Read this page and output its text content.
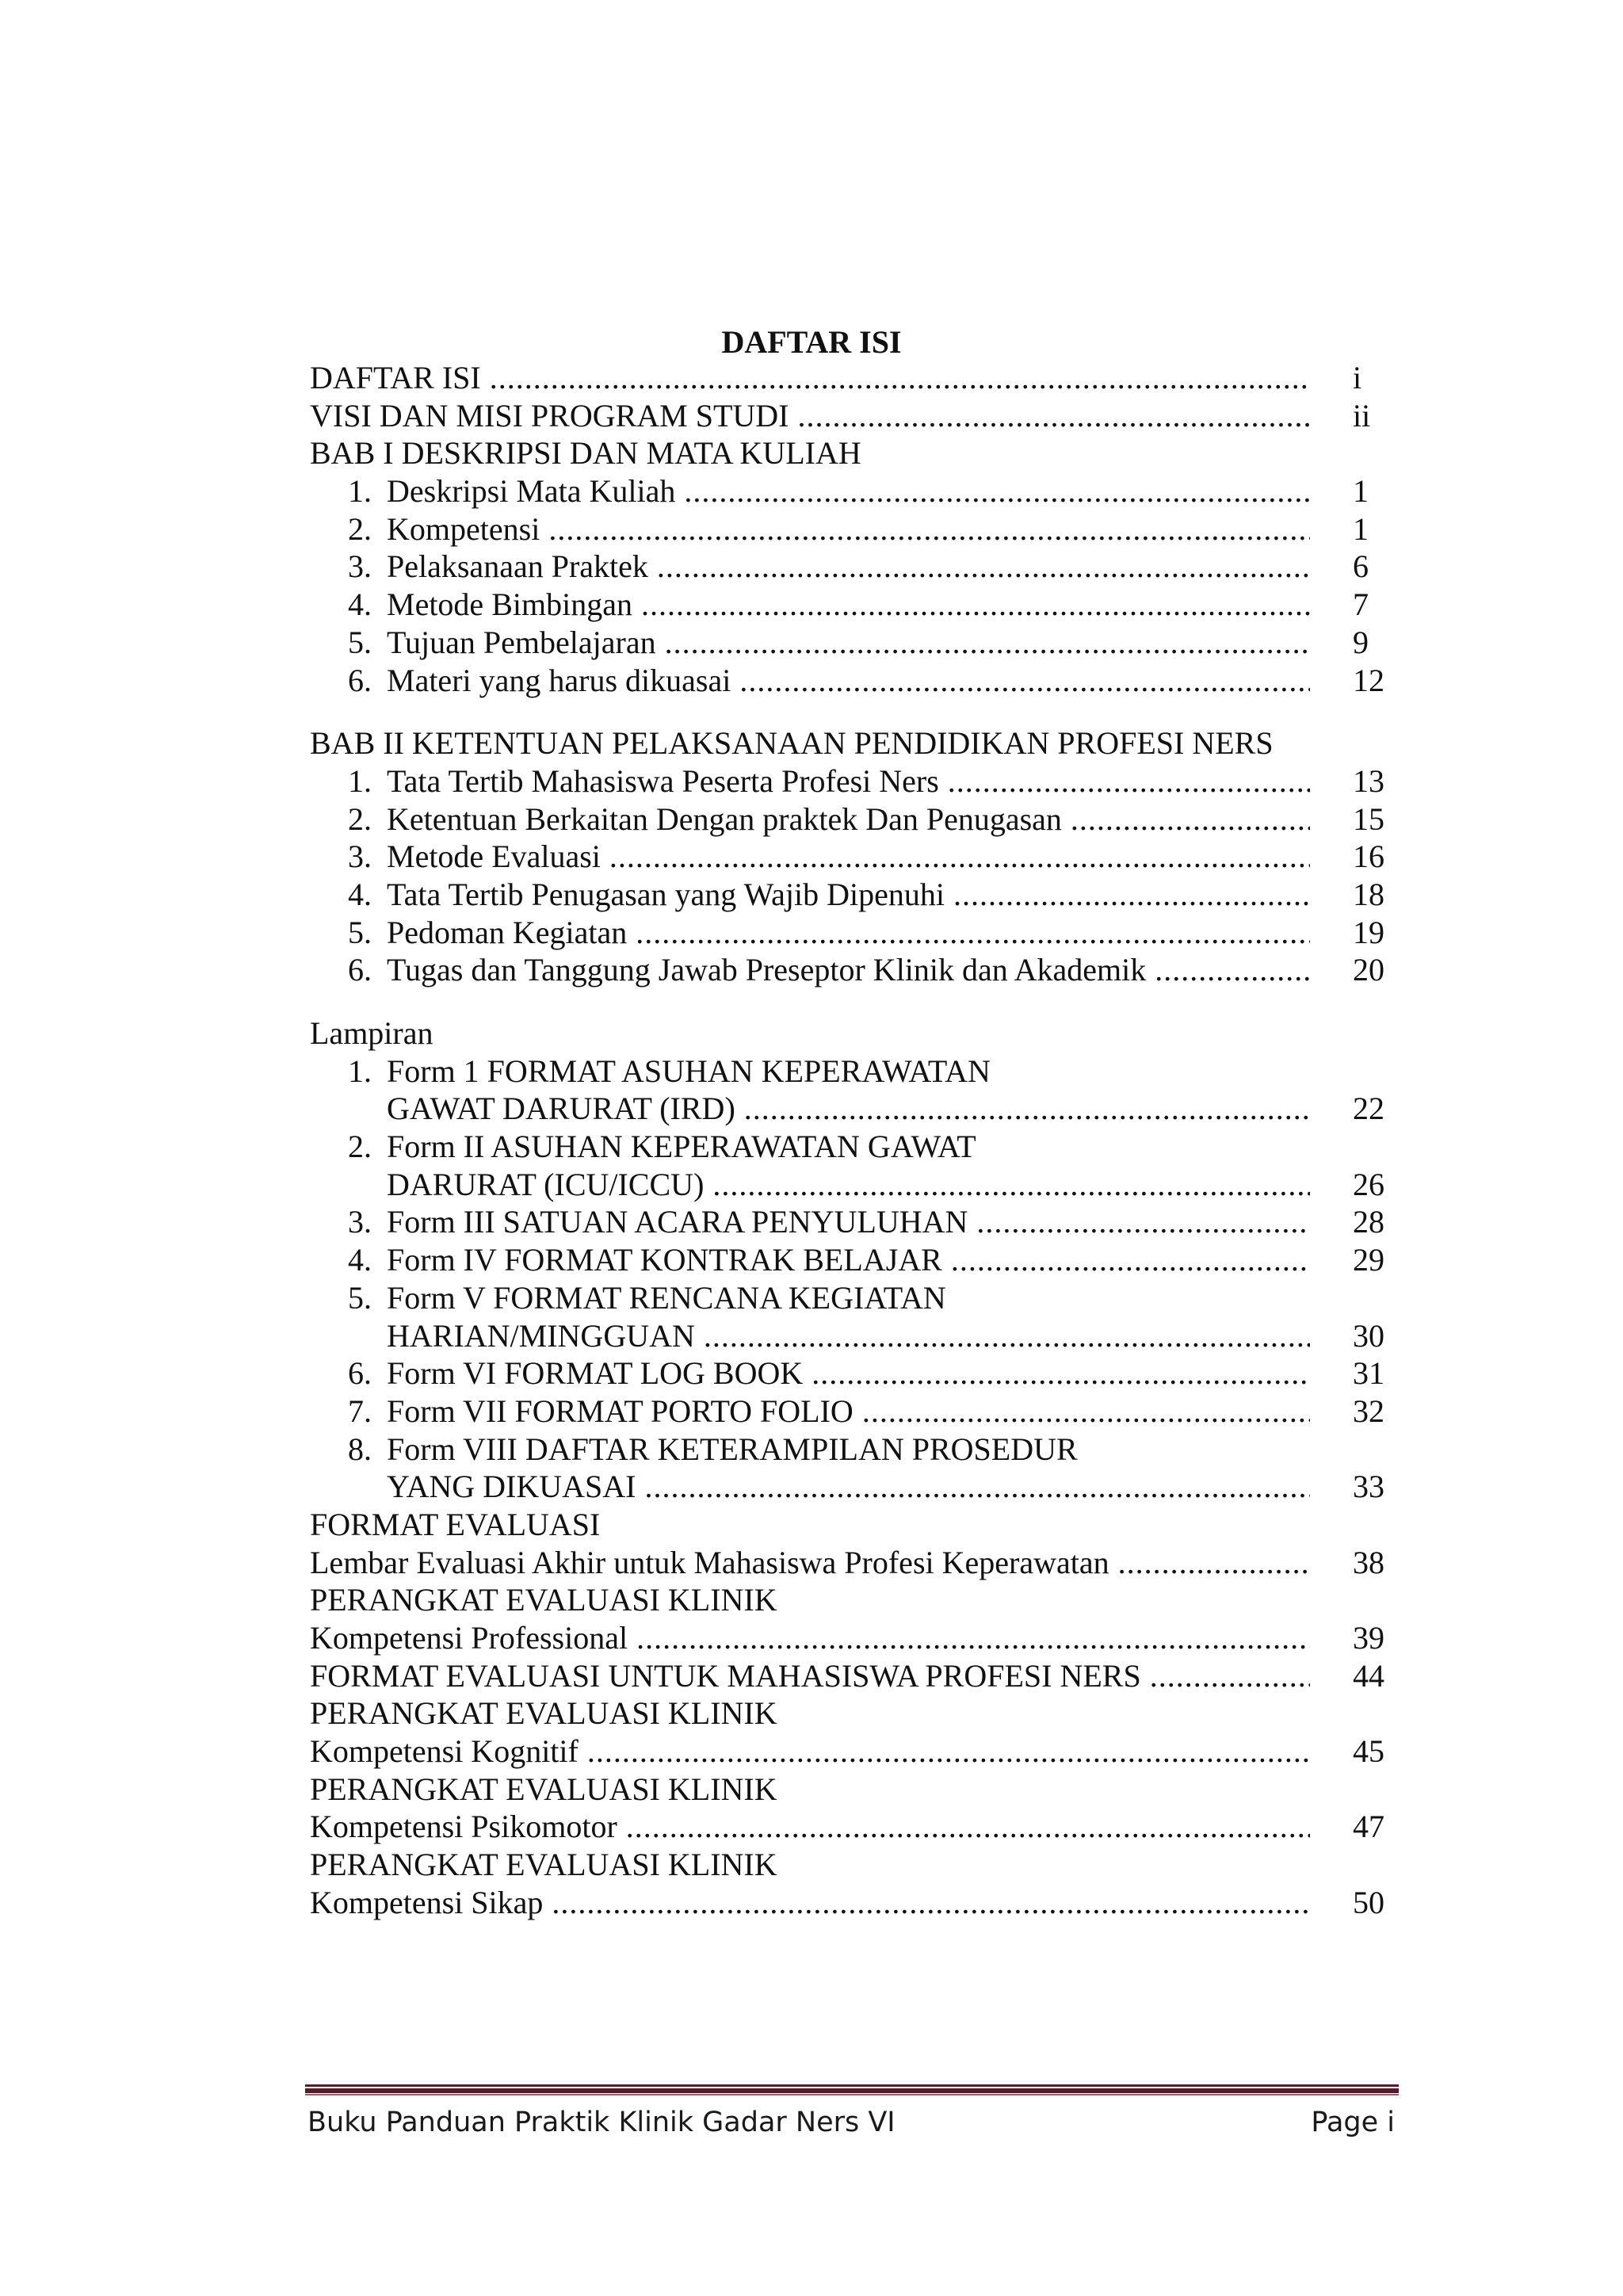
DAFTAR ISI
DAFTAR ISI .....	i
VISI DAN MISI PROGRAM STUDI .....	ii
BAB I DESKRIPSI DAN MATA KULIAH
1. Deskripsi Mata Kuliah .....	1
2. Kompetensi .....	1
3. Pelaksanaan Praktek .....	6
4. Metode Bimbingan .....	7
5. Tujuan Pembelajaran .....	9
6. Materi yang harus dikuasai .....	12
BAB II KETENTUAN PELAKSANAAN PENDIDIKAN PROFESI NERS
1. Tata Tertib Mahasiswa Peserta Profesi Ners .....	13
2. Ketentuan Berkaitan Dengan praktek Dan Penugasan .....	15
3. Metode Evaluasi .....	16
4. Tata Tertib Penugasan yang Wajib Dipenuhi .....	18
5. Pedoman Kegiatan .....	19
6. Tugas dan Tanggung Jawab Preseptor Klinik dan Akademik .....	20
Lampiran
1. Form 1 FORMAT ASUHAN KEPERAWATAN
GAWAT DARURAT (IRD) .....	22
2. Form II ASUHAN KEPERAWATAN GAWAT
DARURAT (ICU/ICCU) .....	26
3. Form III SATUAN ACARA PENYULUHAN .....	28
4. Form IV FORMAT KONTRAK BELAJAR .....	29
5. Form V FORMAT RENCANA KEGIATAN
HARIAN/MINGGUAN .....	30
6. Form VI FORMAT LOG BOOK .....	31
7. Form VII FORMAT PORTO FOLIO .....	32
8. Form VIII DAFTAR KETERAMPILAN PROSEDUR
YANG DIKUASAI .....	33
FORMAT EVALUASI
Lembar Evaluasi Akhir untuk Mahasiswa Profesi Keperawatan .....	38
PERANGKAT EVALUASI KLINIK
Kompetensi Professional .....	39
FORMAT EVALUASI UNTUK MAHASISWA PROFESI NERS .....	44
PERANGKAT EVALUASI KLINIK
Kompetensi Kognitif .....	45
PERANGKAT EVALUASI KLINIK
Kompetensi Psikomotor .....	47
PERANGKAT EVALUASI KLINIK
Kompetensi Sikap .....	50
Buku Panduan Praktik Klinik Gadar Ners VI	Page i
